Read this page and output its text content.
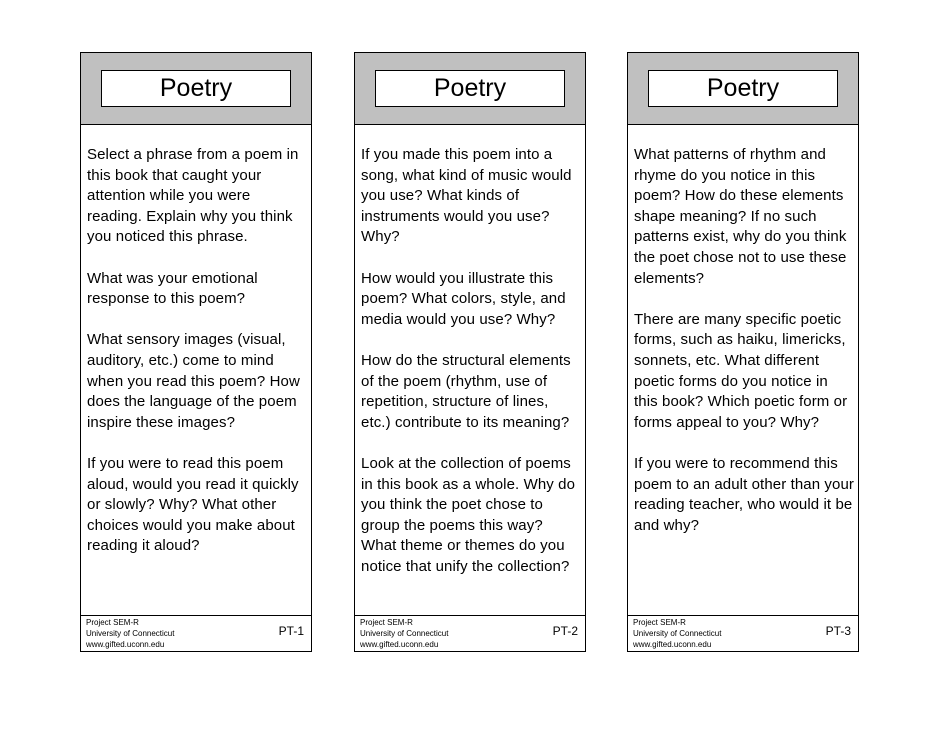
Poetry

Select a phrase from a poem in this book that caught your attention while you were reading. Explain why you think you noticed this phrase.

What was your emotional response to this poem?

What sensory images (visual, auditory, etc.) come to mind when you read this poem? How does the language of the poem inspire these images?

If you were to read this poem aloud, would you read it quickly or slowly? Why? What other choices would you make about reading it aloud?

Project SEM-R
University of Connecticut
www.gifted.uconn.edu
PT-1
Poetry

If you made this poem into a song, what kind of music would you use? What kinds of instruments would you use? Why?

How would you illustrate this poem? What colors, style, and media would you use? Why?

How do the structural elements of the poem (rhythm, use of repetition, structure of lines, etc.) contribute to its meaning?

Look at the collection of poems in this book as a whole. Why do you think the poet chose to group the poems this way? What theme or themes do you notice that unify the collection?

Project SEM-R
University of Connecticut
www.gifted.uconn.edu
PT-2
Poetry

What patterns of rhythm and rhyme do you notice in this poem? How do these elements shape meaning? If no such patterns exist, why do you think the poet chose not to use these elements?

There are many specific poetic forms, such as haiku, limericks, sonnets, etc. What different poetic forms do you notice in this book? Which poetic form or forms appeal to you? Why?

If you were to recommend this poem to an adult other than your reading teacher, who would it be and why?

Project SEM-R
University of Connecticut
www.gifted.uconn.edu
PT-3
